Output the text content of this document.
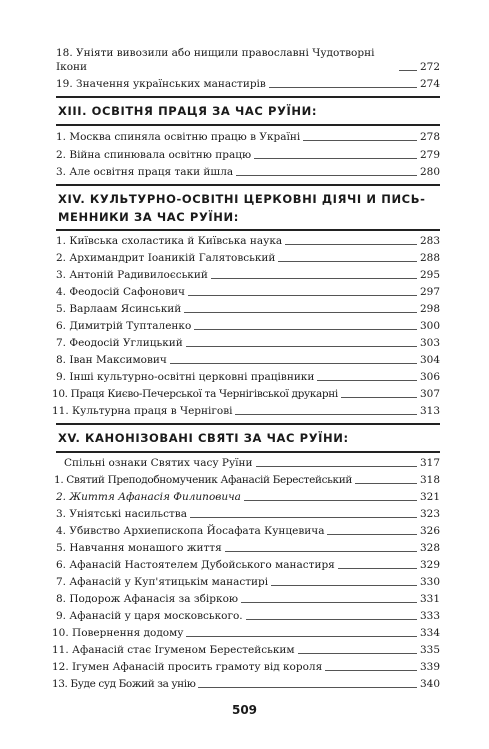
18. Уніяти вивозили або нищили православні Чудотворні Ікони	272
19. Значення українських манастирів	274
ХІІІ. ОСВІТНЯ ПРАЦЯ ЗА ЧАС РУЇНИ:
1. Москва спиняла освітню працю в Україні	278
2. Війна спинювала освітню працю	279
3. Але освітня праця таки йшла	280
XIV. КУЛЬТУРНО-ОСВІТНІ ЦЕРКОВНІ ДІЯЧІ И ПИСЬ-МЕННИКИ ЗА ЧАС РУЇНИ:
1. Київська схоластика й Київська наука	283
2. Архимандрит Іоаникій Галятовський	288
3. Антоній Радивилоєський	295
4. Феодосій Сафонович	297
5. Варлаам Ясинський	298
6. Димитрій Тупталенко	300
7. Феодосій Углицький	303
8. Іван Максимович	304
9. Інші культурно-освітні церковні працівники	306
10. Праця Києво-Печерської та Чернігівської друкарні	307
11. Культурна праця в Чернігові	313
XV. КАНОНІЗОВАНІ СВЯТІ ЗА ЧАС РУЇНИ:
Спільні ознаки Святих часу Руїни	317
1. Святий Преподобномученик Афанасій Берестейський	318
2. Життя Афанасія Филиповича	321
3. Уніятські насильства	323
4. Убивство Архиепископа Йосафата Кунцевича	326
5. Навчання монашого життя	328
6. Афанасій Настоятелем Дубойського манастиря	329
7. Афанасій у Куп'ятицькім манастирі	330
8. Подорож Афанасія за збіркою	331
9. Афанасій у царя московського.	333
10. Повернення додому	334
11. Афанасій стає Ігуменом Берестейським	335
12. Ігумен Афанасій просить грамоту від короля	339
13. Буде суд Божий за унію	340
509
